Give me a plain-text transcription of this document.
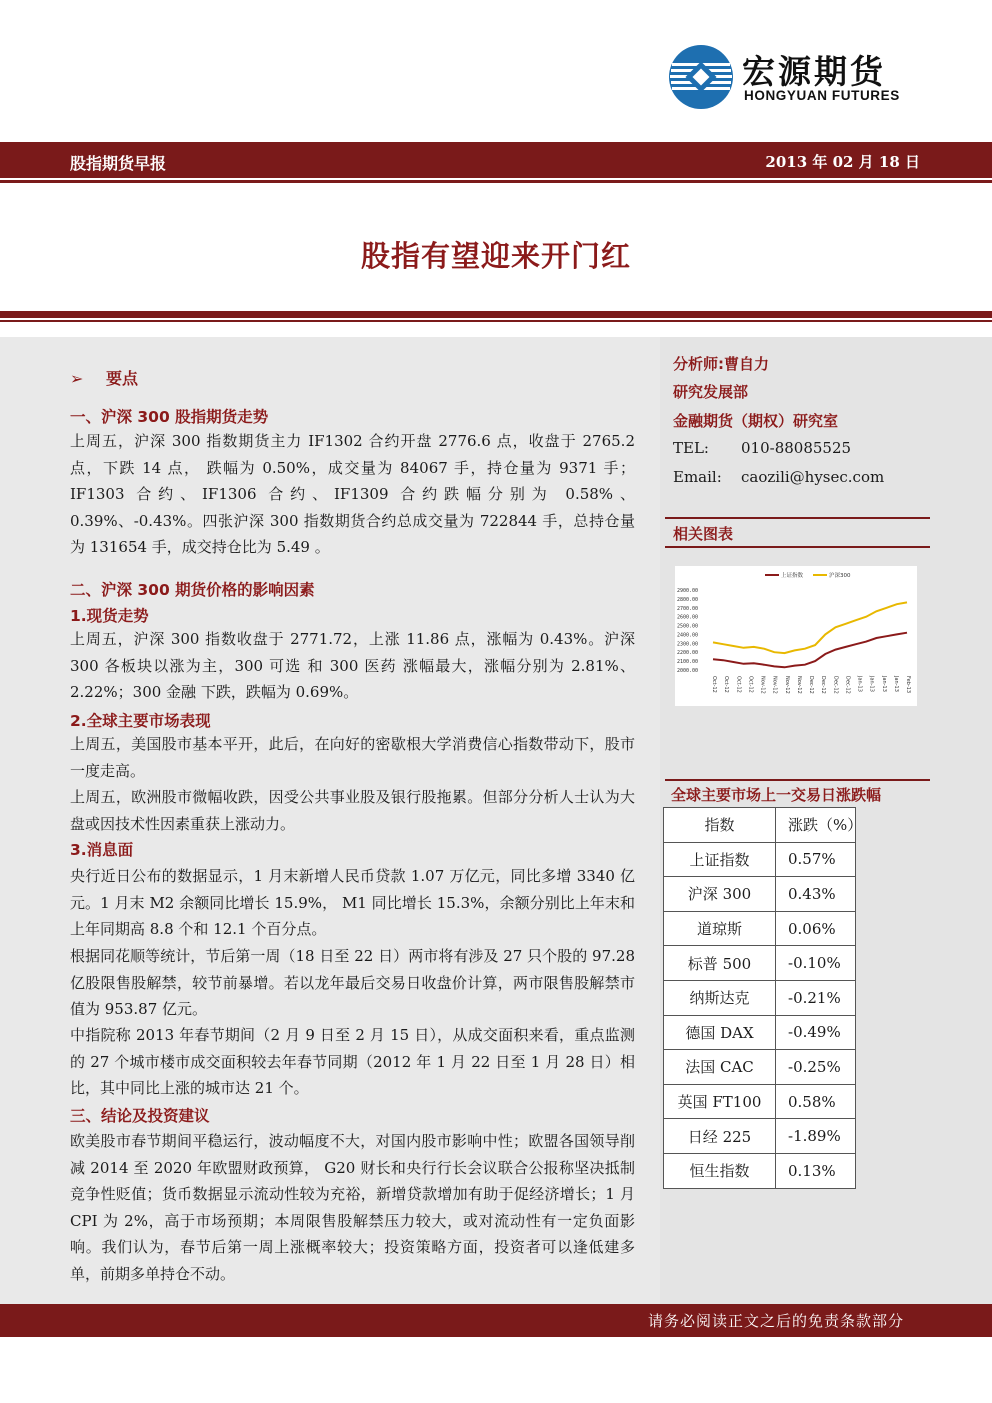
宏源期货
HONGYUAN FUTURES
股指期货早报	2013 年 02 月 18 日
股指有望迎来开门红
➢ 要点
一、沪深 300 股指期货走势
上周五，沪深 300 指数期货主力 IF1302 合约开盘 2776.6 点，收盘于 2765.2 点，下跌 14 点， 跌幅为 0.50%，成交量为 84067 手，持仓量为 9371 手；IF1303 合约、IF1306 合约、IF1309 合约跌幅分别为 0.58%、0.39%、-0.43%。四张沪深 300 指数期货合约总成交量为 722844 手，总持仓量为 131654 手，成交持仓比为 5.49 。
二、沪深 300 期货价格的影响因素
1.现货走势
上周五，沪深 300 指数收盘于 2771.72，上涨 11.86 点，涨幅为 0.43%。沪深 300 各板块以涨为主，300 可选 和 300 医药 涨幅最大，涨幅分别为 2.81%、2.22%；300 金融 下跌，跌幅为 0.69%。
2.全球主要市场表现
上周五，美国股市基本平开，此后，在向好的密歇根大学消费信心指数带动下，股市一度走高。
上周五，欧洲股市微幅收跌，因受公共事业股及银行股拖累。但部分分析人士认为大盘或因技术性因素重获上涨动力。
3.消息面
央行近日公布的数据显示，1 月末新增人民币贷款 1.07 万亿元，同比多增 3340 亿元。1 月末 M2 余额同比增长 15.9%， M1 同比增长 15.3%，余额分别比上年末和上年同期高 8.8 个和 12.1 个百分点。
根据同花顺等统计，节后第一周（18 日至 22 日）两市将有涉及 27 只个股的 97.28 亿股限售股解禁，较节前暴增。若以龙年最后交易日收盘价计算，两市限售股解禁市值为 953.87 亿元。
中指院称 2013 年春节期间（2 月 9 日至 2 月 15 日），从成交面积来看，重点监测的 27 个城市楼市成交面积较去年春节同期（2012 年 1 月 22 日至 1 月 28 日）相比，其中同比上涨的城市达 21 个。
三、结论及投资建议
欧美股市春节期间平稳运行，波动幅度不大，对国内股市影响中性；欧盟各国领导削减 2014 至 2020 年欧盟财政预算， G20 财长和央行行长会议联合公报称坚决抵制竞争性贬值；货币数据显示流动性较为充裕，新增贷款增加有助于促经济增长；1 月 CPI 为 2%，高于市场预期；本周限售股解禁压力较大，或对流动性有一定负面影响。我们认为，春节后第一周上涨概率较大；投资策略方面，投资者可以逢低建多单，前期多单持仓不动。
分析师:曹自力
研究发展部
金融期货（期权）研究室
TEL: 010-88085525
Email: caozili@hysec.com
相关图表
上证指数	沪深300
2900.00
2800.00
2700.00
2600.00
2500.00
2400.00
2300.00
2200.00
2100.00
2000.00
Oct-12 Oct-12 Oct-12 Oct-12 Nov-12 Nov-12 Nov-12 Nov-12 Dec-12 Dec-12 Dec-12 Dec-12 Jan-13 Jan-13 Jan-13 Jan-13 Feb-13
全球主要市场上一交易日涨跌幅
指数	涨跌（%）
上证指数	0.57%
沪深 300	0.43%
道琼斯	0.06%
标普 500	-0.10%
纳斯达克	-0.21%
德国 DAX	-0.49%
法国 CAC	-0.25%
英国 FT100	0.58%
日经 225	-1.89%
恒生指数	0.13%
请务必阅读正文之后的免责条款部分
